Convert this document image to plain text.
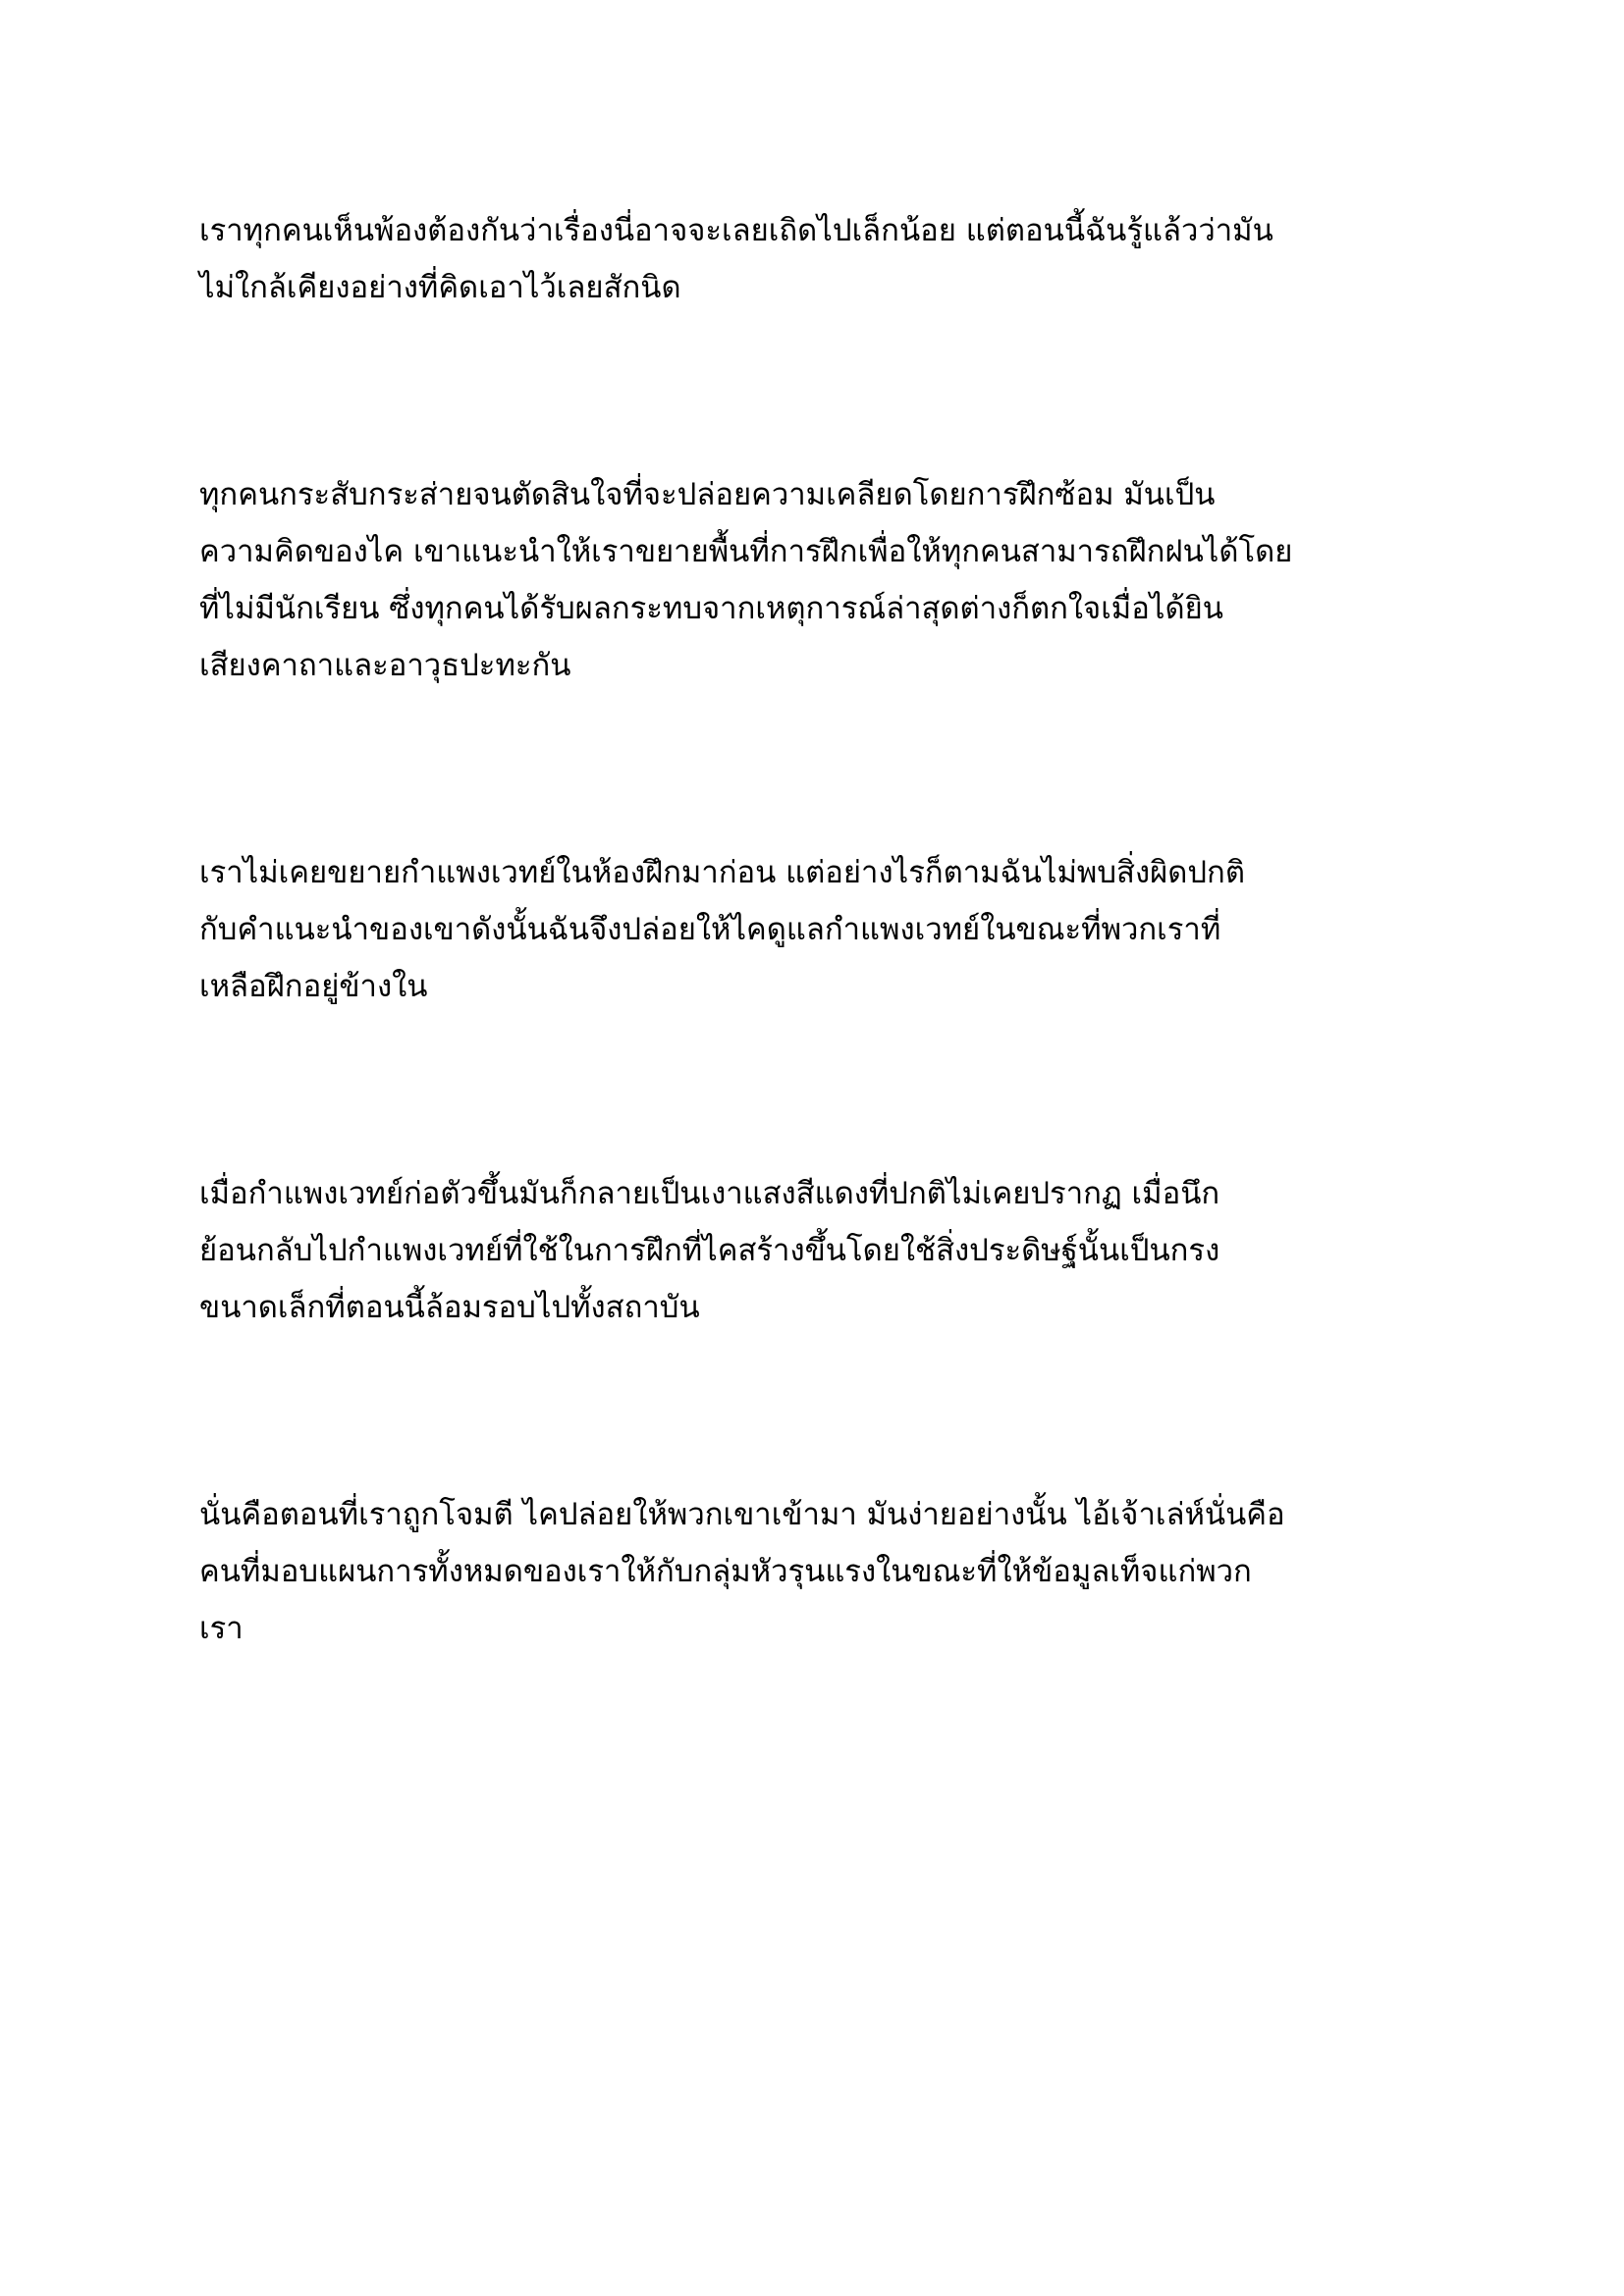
เราทุกคนเห็นพ้องต้องกันว่าเรื่องนี่อาจจะเลยเถิดไปเล็กน้อย แต่ตอนนี้ฉันรู้แล้วว่ามัน
ไม่ใกล้เคียงอย่างที่คิดเอาไว้เลยสักนิด

ทุกคนกระสับกระส่ายจนตัดสินใจที่จะปล่อยความเคลียดโดยการฝึกซ้อม มันเป็น
ความคิดของไค เขาแนะนำให้เราขยายพื้นที่การฝึกเพื่อให้ทุกคนสามารถฝึกฝนได้โดย
ที่ไม่มีนักเรียน ซึ่งทุกคนได้รับผลกระทบจากเหตุการณ์ล่าสุดต่างก็ตกใจเมื่อได้ยิน
เสียงคาถาและอาวุธปะทะกัน

เราไม่เคยขยายกำแพงเวทย์ในห้องฝึกมาก่อน แต่อย่างไรก็ตามฉันไม่พบสิ่งผิดปกติ
กับคำแนะนำของเขาดังนั้นฉันจึงปล่อยให้ไคดูแลกำแพงเวทย์ในขณะที่พวกเราที่
เหลือฝึกอยู่ข้างใน

เมื่อกำแพงเวทย์ก่อตัวขึ้นมันก็กลายเป็นเงาแสงสีแดงที่ปกติไม่เคยปรากฏ เมื่อนึก
ย้อนกลับไปกำแพงเวทย์ที่ใช้ในการฝึกที่ไคสร้างขึ้นโดยใช้สิ่งประดิษฐ์นั้นเป็นกรง
ขนาดเล็กที่ตอนนี้ล้อมรอบไปทั้งสถาบัน

นั่นคือตอนที่เราถูกโจมตี ไคปล่อยให้พวกเขาเข้ามา มันง่ายอย่างนั้น ไอ้เจ้าเล่ห์นั่นคือ
คนที่มอบแผนการทั้งหมดของเราให้กับกลุ่มหัวรุนแรงในขณะที่ให้ข้อมูลเท็จแก่พวก
เรา
